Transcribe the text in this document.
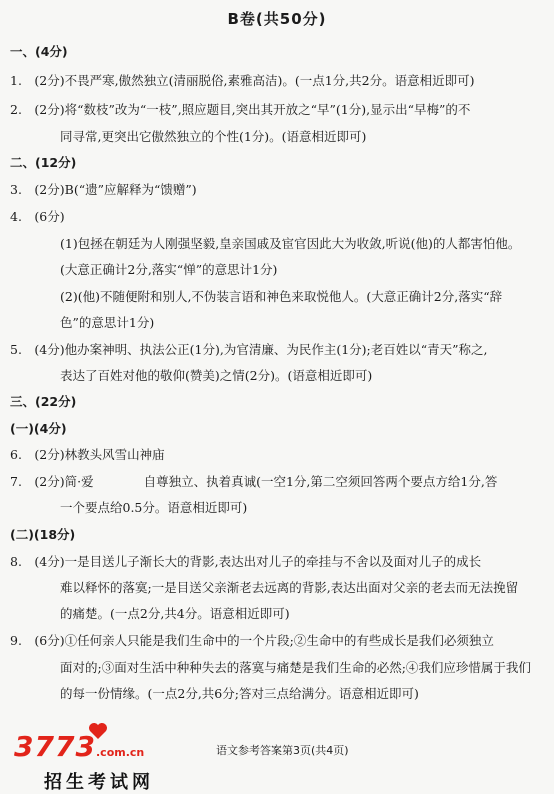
B卷(共50分)
一、(4分)
1.　(2分)不畏严寒,傲然独立(清丽脱俗,素雅高洁)。(一点1分,共2分。语意相近即可)
2.　(2分)将“数枝”改为“一枝”,照应题目,突出其开放之“早”(1分),显示出“早梅”的不
同寻常,更突出它傲然独立的个性(1分)。(语意相近即可)
二、(12分)
3.　(2分)B(“遗”应解释为“馈赠”)
4.　(6分)
(1)包拯在朝廷为人刚强坚毅,皇亲国戚及宦官因此大为收敛,听说(他)的人都害怕他。
(大意正确计2分,落实“惮”的意思计1分)
(2)(他)不随便附和别人,不伪装言语和神色来取悦他人。(大意正确计2分,落实“辞
色”的意思计1分)
5.　(4分)他办案神明、执法公正(1分),为官清廉、为民作主(1分);老百姓以“青天”称之,
表达了百姓对他的敬仰(赞美)之情(2分)。(语意相近即可)
三、(22分)
(一)(4分)
6.　(2分)林教头风雪山神庙
7.　(2分)简·爱　　　　自尊独立、执着真诚(一空1分,第二空须回答两个要点方给1分,答
一个要点给0.5分。语意相近即可)
(二)(18分)
8.　(4分)一是目送儿子渐长大的背影,表达出对儿子的牵挂与不舍以及面对儿子的成长
难以释怀的落寞;一是目送父亲渐老去远离的背影,表达出面对父亲的老去而无法挽留
的痛楚。(一点2分,共4分。语意相近即可)
9.　(6分)①任何亲人只能是我们生命中的一个片段;②生命中的有些成长是我们必须独立
面对的;③面对生活中种种失去的落寞与痛楚是我们生命的必然;④我们应珍惜属于我们
的每一份情缘。(一点2分,共6分;答对三点给满分。语意相近即可)
语文参考答案第3页(共4页)
3773 .com.cn
招生考试网
